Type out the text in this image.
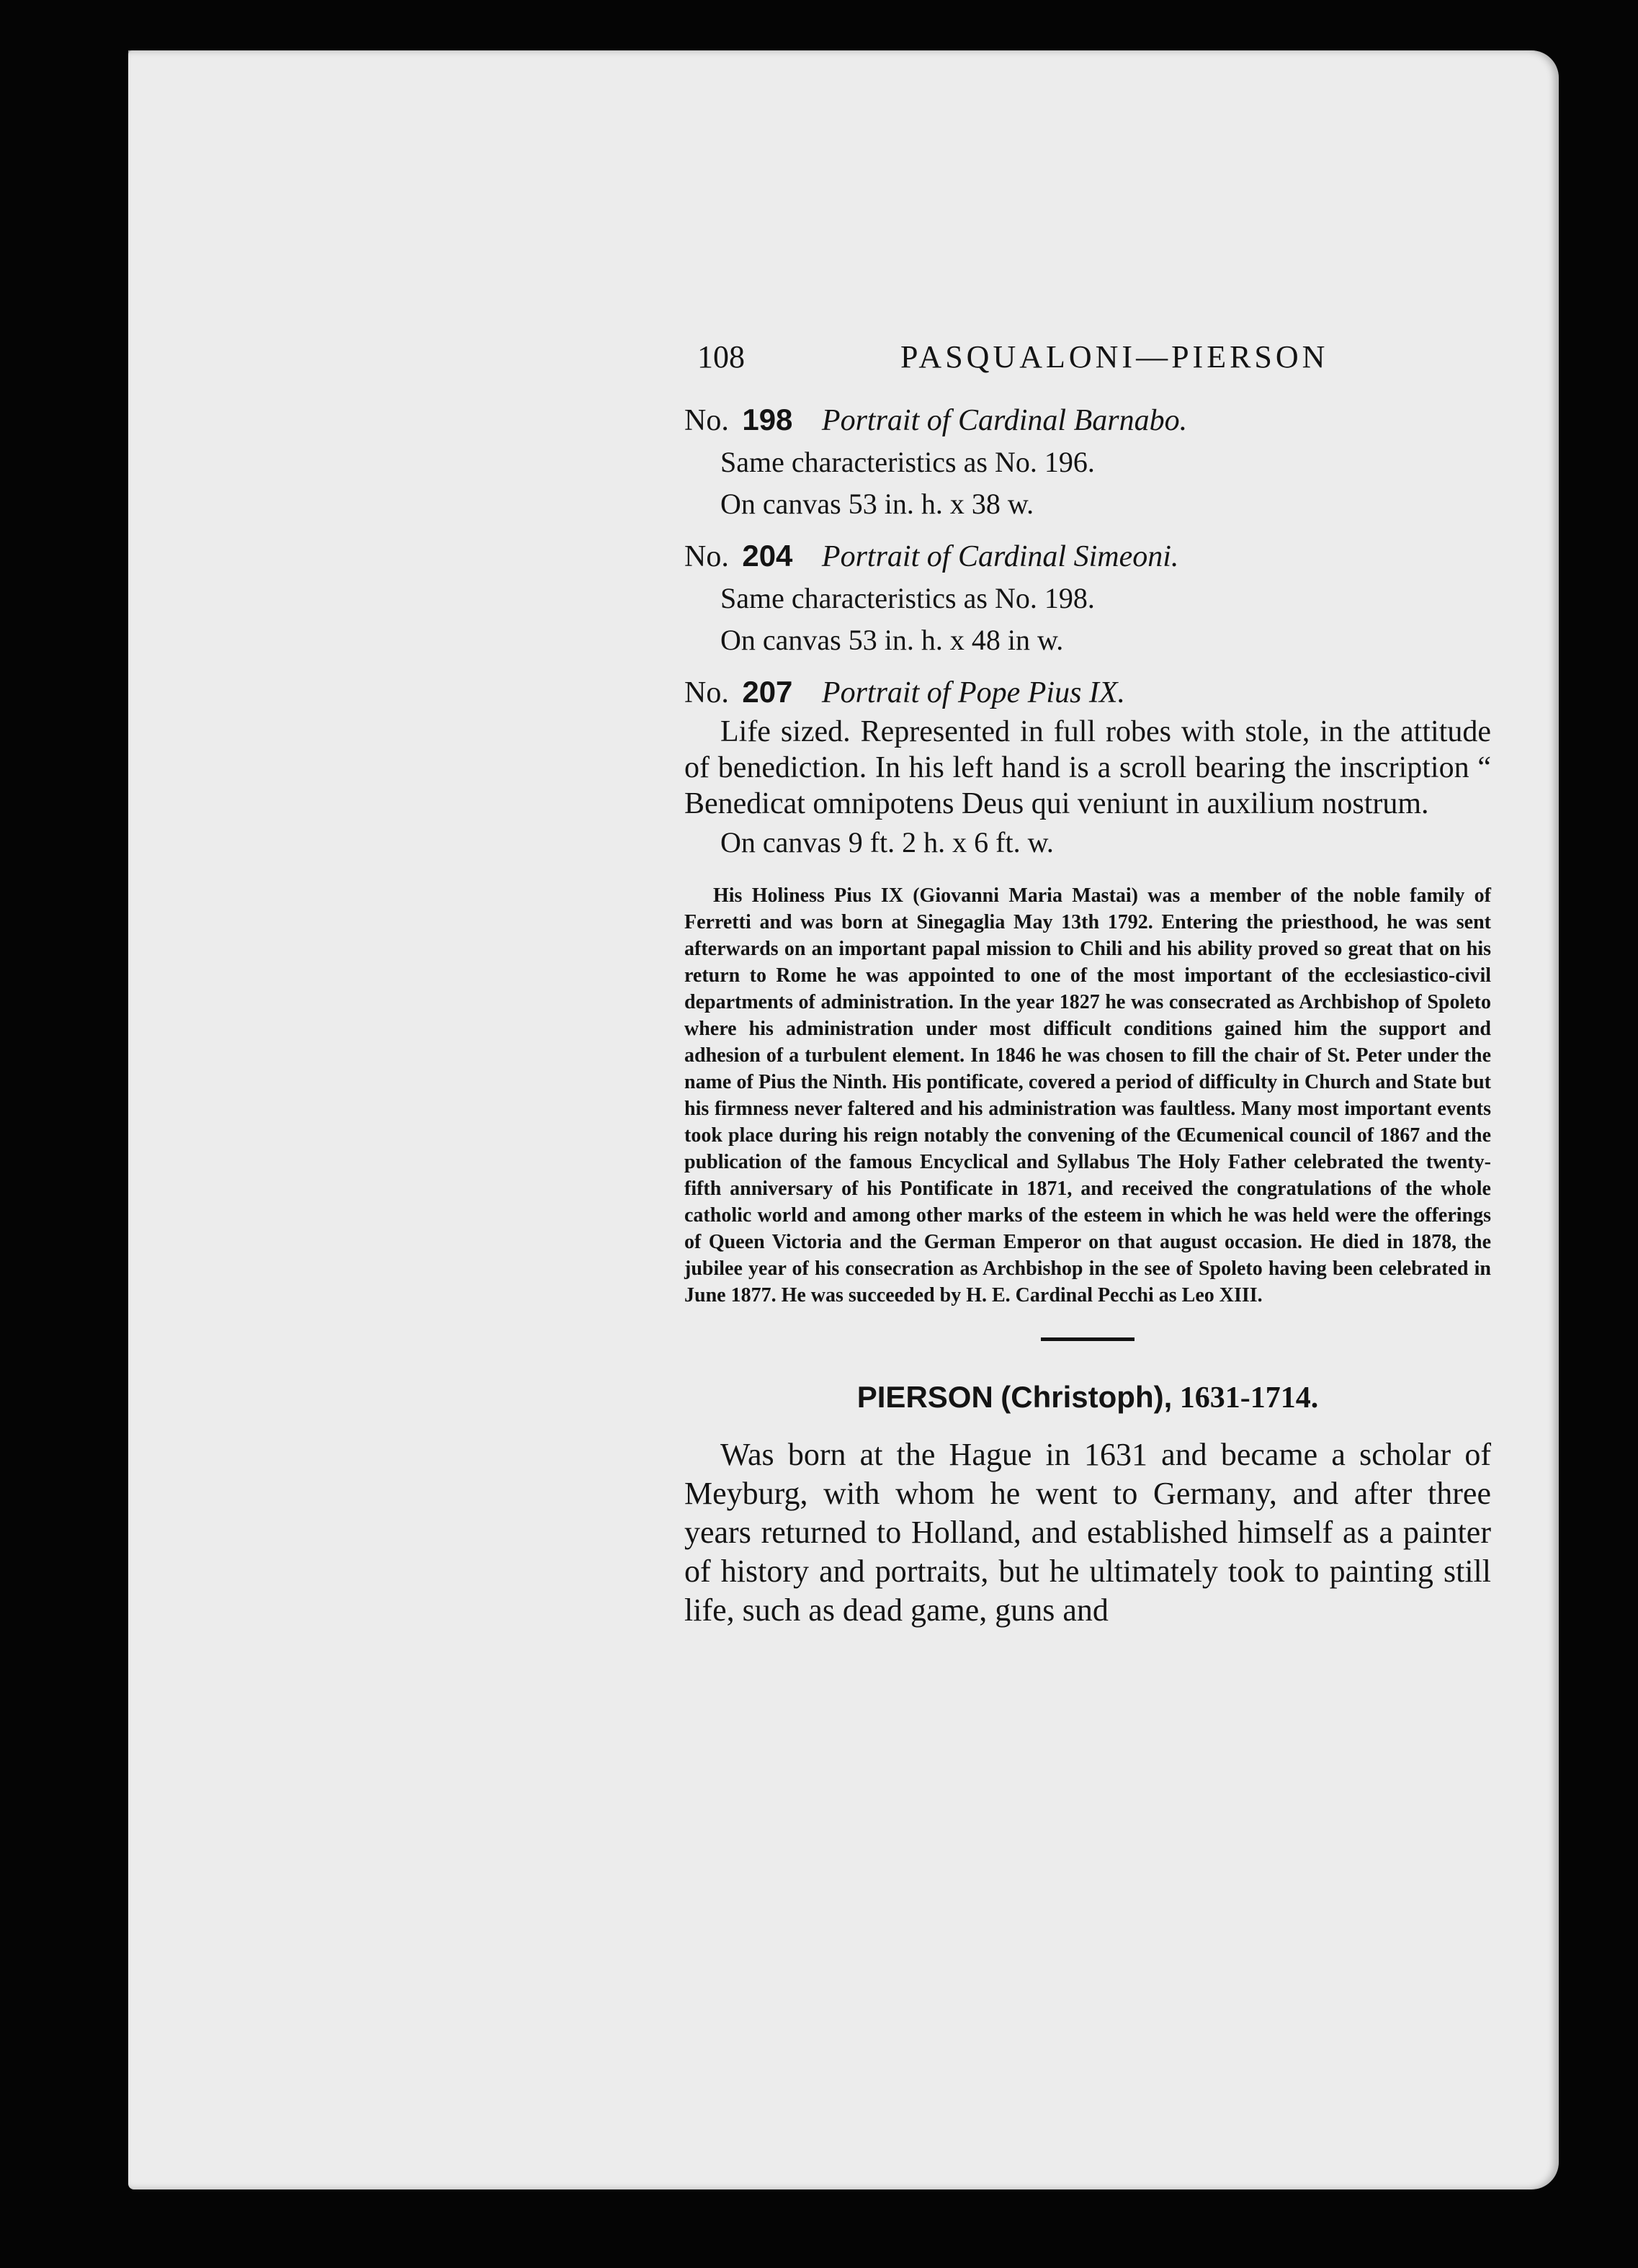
108	PASQUALONI—PIERSON
No. 198 Portrait of Cardinal Barnabo.
Same characteristics as No. 196.
On canvas 53 in. h. x 38 w.
No. 204 Portrait of Cardinal Simeoni.
Same characteristics as No. 198.
On canvas 53 in. h. x 48 in w.
No. 207 Portrait of Pope Pius IX.

Life sized. Represented in full robes with stole, in the attitude of benediction. In his left hand is a scroll bearing the inscription “ Benedicat omnipotens Deus qui veniunt in auxilium nostrum.

On canvas 9 ft. 2 h. x 6 ft. w.

His Holiness Pius IX (Giovanni Maria Mastai) was a member of the noble family of Ferretti and was born at Sinegaglia May 13th 1792. Entering the priesthood, he was sent afterwards on an important papal mission to Chili and his ability proved so great that on his return to Rome he was appointed to one of the most important of the ecclesiastico-civil departments of administration. In the year 1827 he was consecrated as Archbishop of Spoleto where his administration under most difficult conditions gained him the support and adhesion of a turbulent element. In 1846 he was chosen to fill the chair of St. Peter under the name of Pius the Ninth. His pontificate, covered a period of difficulty in Church and State but his firmness never faltered and his administration was faultless. Many most important events took place during his reign notably the convening of the Œcumenical council of 1867 and the publication of the famous Encyclical and Syllabus The Holy Father celebrated the twenty-fifth anniversary of his Pontificate in 1871, and received the congratulations of the whole catholic world and among other marks of the esteem in which he was held were the offerings of Queen Victoria and the German Emperor on that august occasion. He died in 1878, the jubilee year of his consecration as Archbishop in the see of Spoleto having been celebrated in June 1877. He was succeeded by H. E. Cardinal Pecchi as Leo XIII.

PIERSON (Christoph), 1631-1714.

Was born at the Hague in 1631 and became a scholar of Meyburg, with whom he went to Germany, and after three years returned to Holland, and established himself as a painter of history and portraits, but he ultimately took to painting still life, such as dead game, guns and
